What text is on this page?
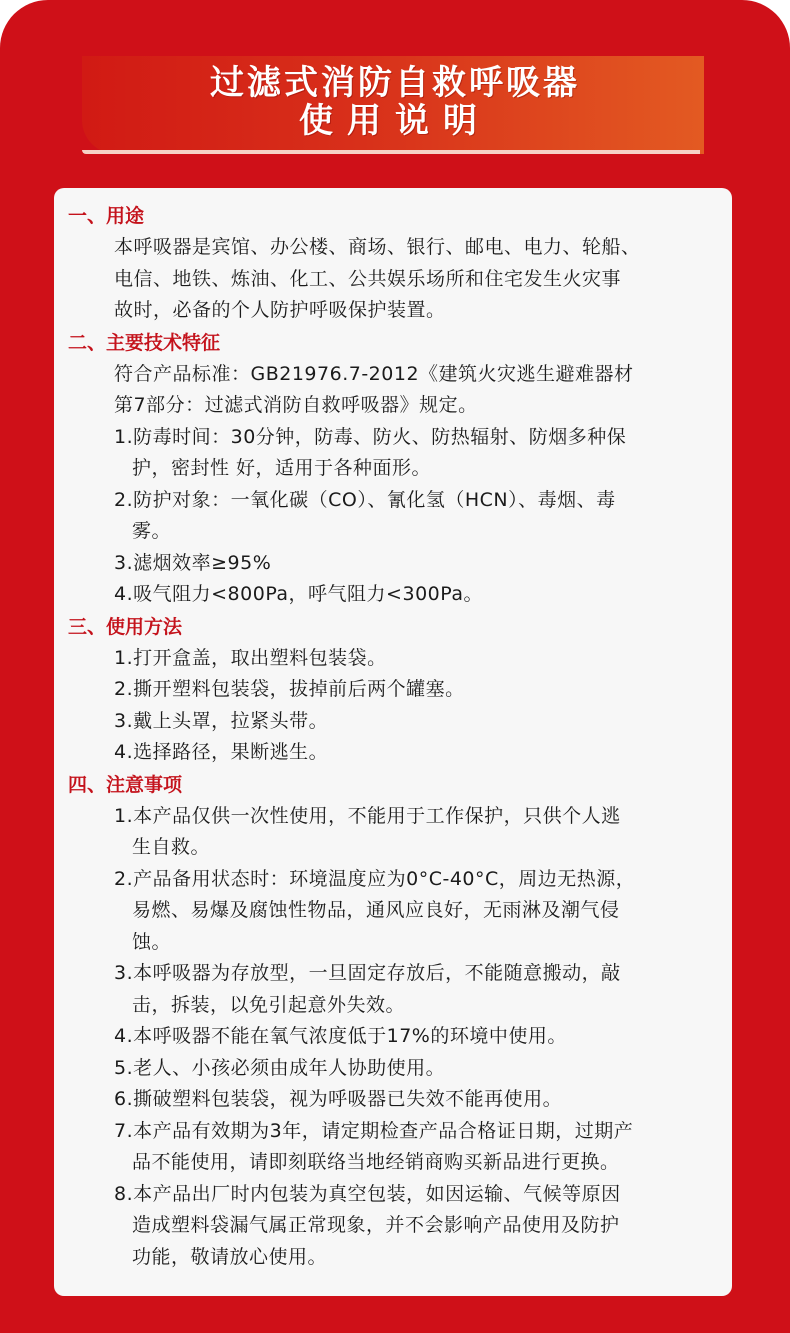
过滤式消防自救呼吸器
使用说明

一、用途

本呼吸器是宾馆、办公楼、商场、银行、邮电、电力、轮船、

电信、地铁、炼油、化工、公共娱乐场所和住宅发生火灾事

故时，必备的个人防护呼吸保护装置。

二、主要技术特征

符合产品标准：GB21976.7-2012《建筑火灾逃生避难器材

第7部分：过滤式消防自救呼吸器》规定。

1.防毒时间：30分钟，防毒、防火、防热辐射、防烟多种保
护，密封性 好，适用于各种面形。

2.防护对象：一氧化碳（CO）、氰化氢（HCN）、毒烟、毒
雾。

3.滤烟效率≥95%

4.吸气阻力<800Pa，呼气阻力<300Pa。

三、使用方法

1.打开盒盖，取出塑料包装袋。

2.撕开塑料包装袋，拔掉前后两个罐塞。

3.戴上头罩，拉紧头带。

4.选择路径，果断逃生。

四、注意事项

1.本产品仅供一次性使用，不能用于工作保护，只供个人逃
生自救。

2.产品备用状态时：环境温度应为0°C-40°C，周边无热源，
易燃、易爆及腐蚀性物品，通风应良好，无雨淋及潮气侵
蚀。

3.本呼吸器为存放型，一旦固定存放后，不能随意搬动，敲
击，拆装，以免引起意外失效。

4.本呼吸器不能在氧气浓度低于17%的环境中使用。

5.老人、小孩必须由成年人协助使用。

6.撕破塑料包装袋，视为呼吸器已失效不能再使用。

7.本产品有效期为3年，请定期检查产品合格证日期，过期产
品不能使用，请即刻联络当地经销商购买新品进行更换。

8.本产品出厂时内包装为真空包装，如因运输、气候等原因
造成塑料袋漏气属正常现象，并不会影响产品使用及防护
功能，敬请放心使用。
